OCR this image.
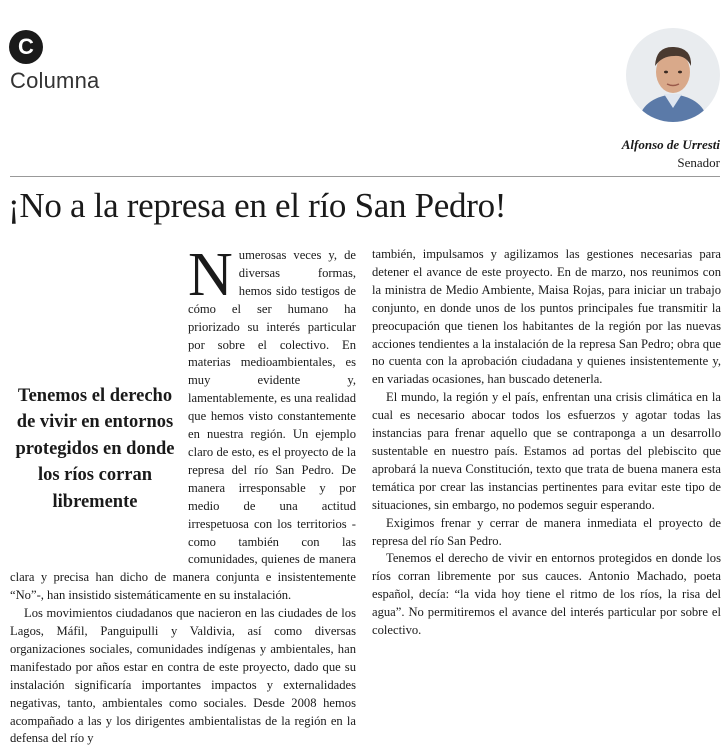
C
Columna
Alfonso de Urresti
Senador
¡No a la represa en el río San Pedro!

N umerosas veces y, de diversas formas, hemos sido testigos de cómo el ser humano ha priorizado su interés particular por sobre el colectivo. En materias medioambientales, es muy evidente y, lamentablemente, es una realidad que hemos visto constantemente en nuestra región. Un ejemplo claro de esto, es el proyecto de la represa del río San Pedro. De manera irresponsable y por medio de una actitud irrespetuosa con los territorios -como también con las comunidades, quienes de manera clara y precisa han dicho de manera conjunta e insistentemente “No”-, han insistido sistemáticamente en su instalación.

Los movimientos ciudadanos que nacieron en las ciudades de los Lagos, Máfil, Panguipulli y Valdivia, así como diversas organizaciones sociales, comunidades indígenas y ambientales, han manifestado por años estar en contra de este proyecto, dado que su instalación significaría importantes impactos y externalidades negativas, tanto, ambientales como sociales. Desde 2008 hemos acompañado a las y los dirigentes ambientalistas de la región en la defensa del río y

Tenemos el derecho de vivir en entornos protegidos en donde los ríos corran libremente

también, impulsamos y agilizamos las gestiones necesarias para detener el avance de este proyecto. En de marzo, nos reunimos con la ministra de Medio Ambiente, Maisa Rojas, para iniciar un trabajo conjunto, en donde unos de los puntos principales fue transmitir la preocupación que tienen los habitantes de la región por las nuevas acciones tendientes a la instalación de la represa San Pedro; obra que no cuenta con la aprobación ciudadana y quienes insistentemente y, en variadas ocasiones, han buscado detenerla.

El mundo, la región y el país, enfrentan una crisis climática en la cual es necesario abocar todos los esfuerzos y agotar todas las instancias para frenar aquello que se contraponga a un desarrollo sustentable en nuestro país. Estamos ad portas del plebiscito que aprobará la nueva Constitución, texto que trata de buena manera esta temática por crear las instancias pertinentes para evitar este tipo de situaciones, sin embargo, no podemos seguir esperando.

Exigimos frenar y cerrar de manera inmediata el proyecto de represa del río San Pedro.

Tenemos el derecho de vivir en entornos protegidos en donde los ríos corran libremente por sus cauces. Antonio Machado, poeta español, decía: “la vida hoy tiene el ritmo de los ríos, la risa del agua”. No permitiremos el avance del interés particular por sobre el colectivo.
